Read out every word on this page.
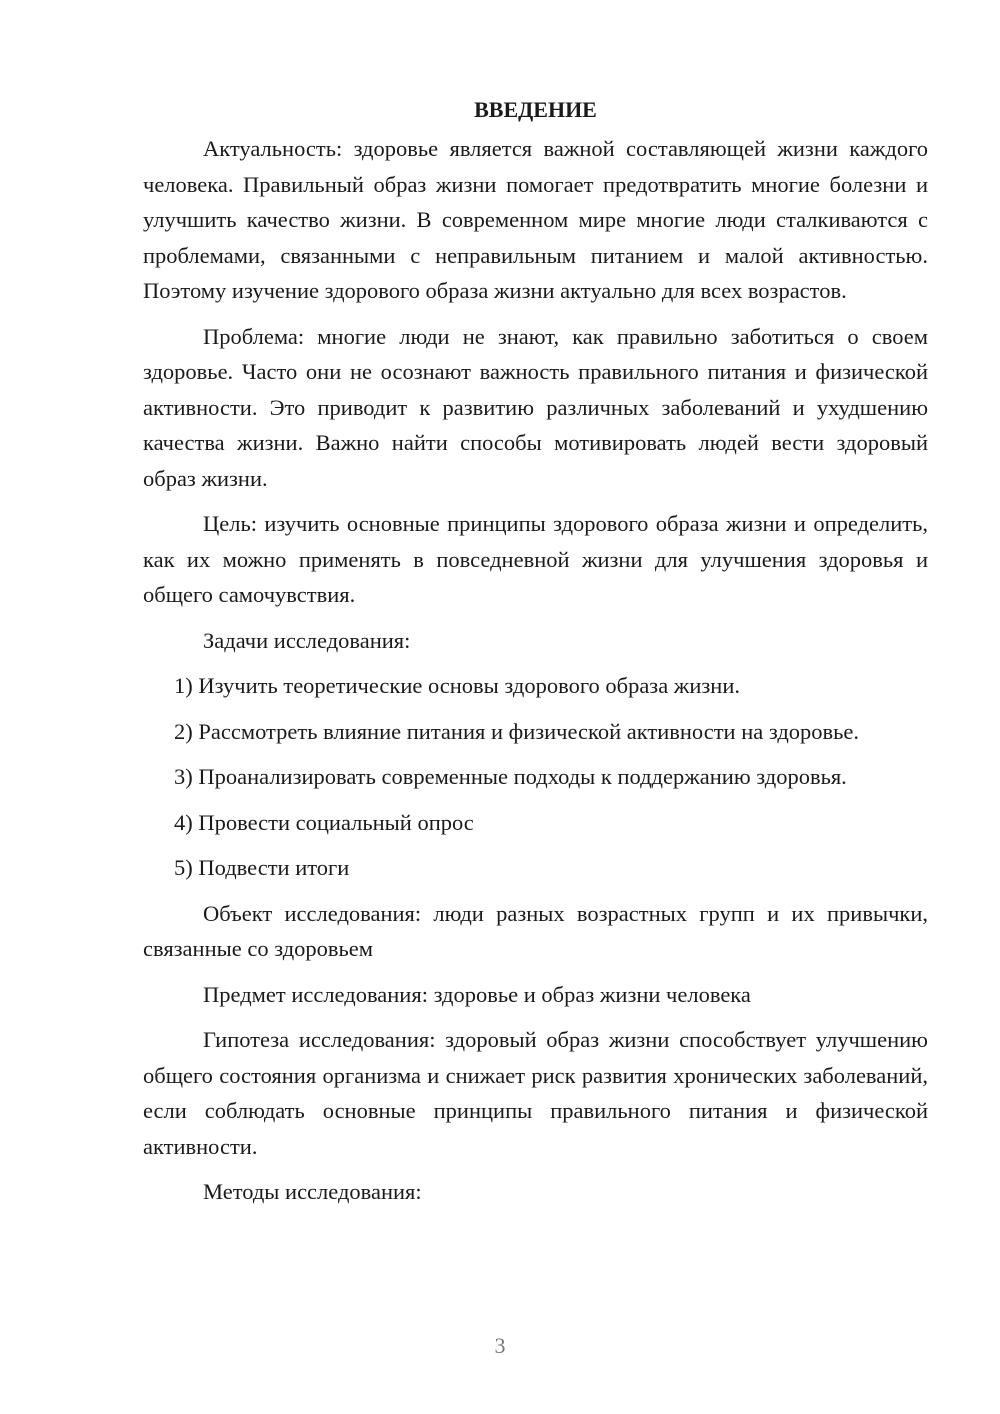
ВВЕДЕНИЕ

Актуальность: здоровье является важной составляющей жизни каждого человека. Правильный образ жизни помогает предотвратить многие болезни и улучшить качество жизни. В современном мире многие люди сталкиваются с проблемами, связанными с неправильным питанием и малой активностью. Поэтому изучение здорового образа жизни актуально для всех возрастов.

Проблема: многие люди не знают, как правильно заботиться о своем здоровье. Часто они не осознают важность правильного питания и физической активности. Это приводит к развитию различных заболеваний и ухудшению качества жизни. Важно найти способы мотивировать людей вести здоровый образ жизни.

Цель: изучить основные принципы здорового образа жизни и определить, как их можно применять в повседневной жизни для улучшения здоровья и общего самочувствия.

Задачи исследования:

1) Изучить теоретические основы здорового образа жизни.

2) Рассмотреть влияние питания и физической активности на здоровье.

3) Проанализировать современные подходы к поддержанию здоровья.

4) Провести социальный опрос

5) Подвести итоги

Объект исследования: люди разных возрастных групп и их привычки, связанные со здоровьем

Предмет исследования: здоровье и образ жизни человека

Гипотеза исследования: здоровый образ жизни способствует улучшению общего состояния организма и снижает риск развития хронических заболеваний, если соблюдать основные принципы правильного питания и физической активности.

Методы исследования:

3
